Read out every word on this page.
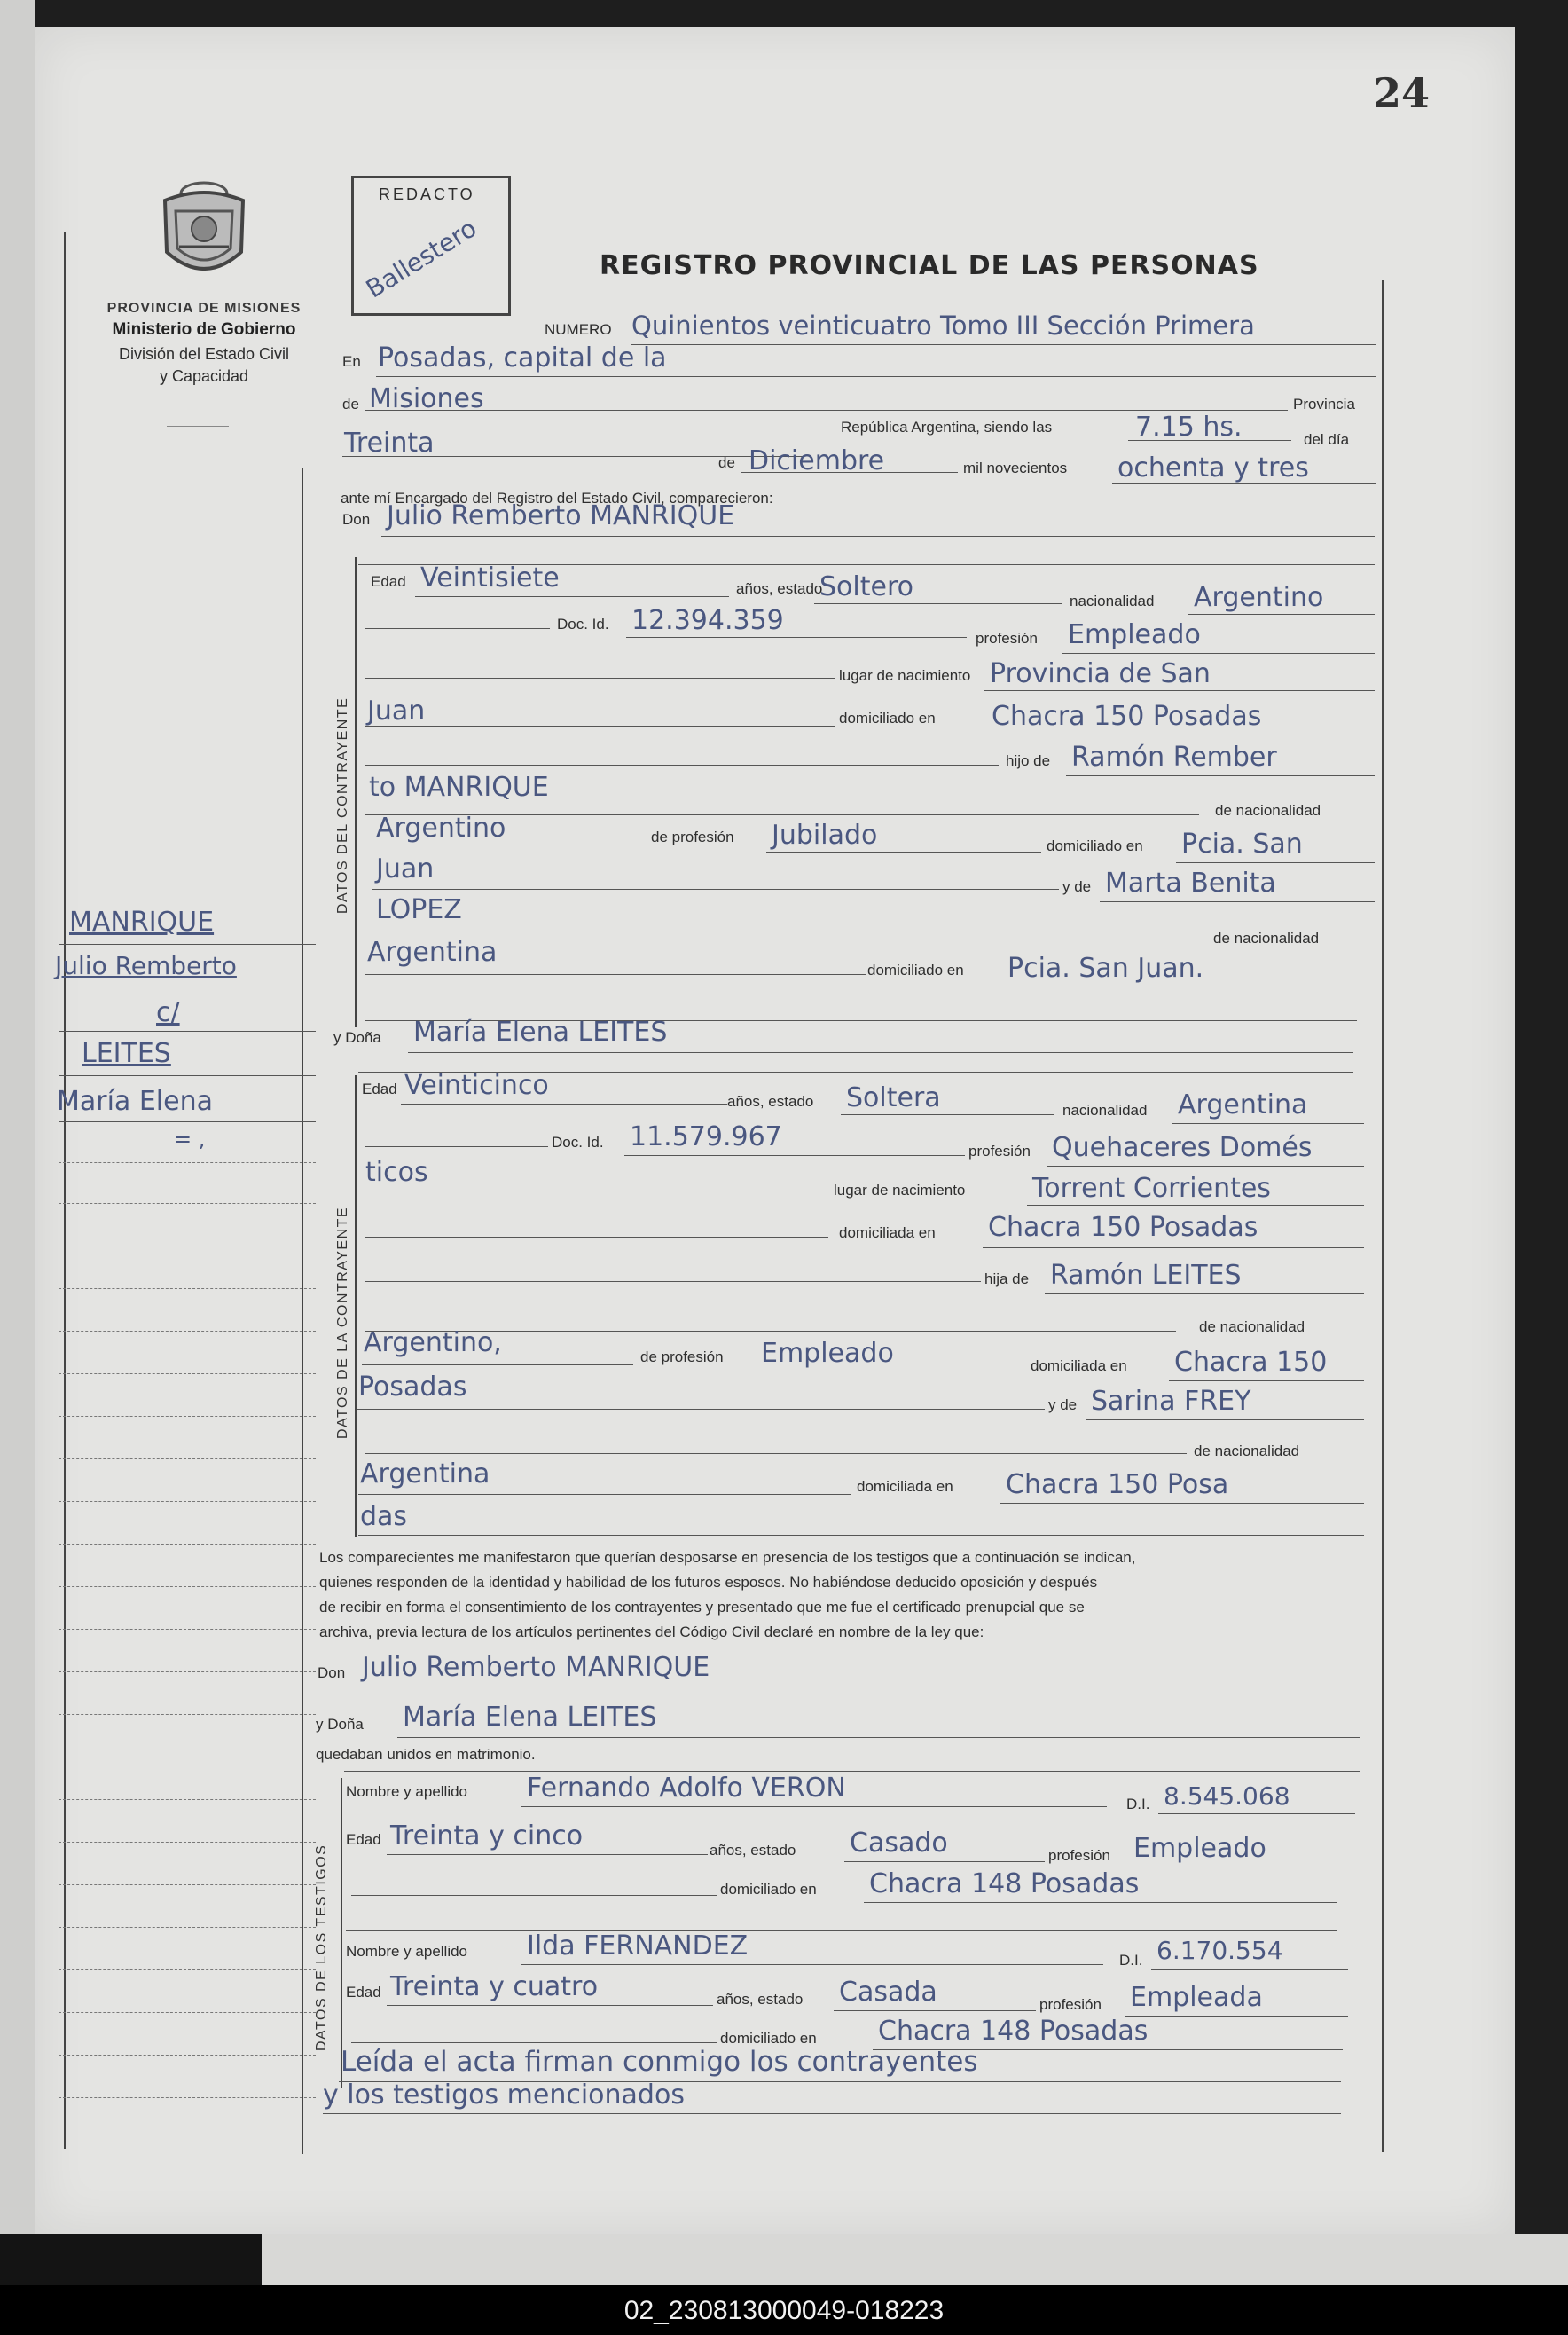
02_230813000049-018223
24
PROVINCIA DE MISIONES
Ministerio de Gobierno
División del Estado Civil
y Capacidad
REDACTO
Ballestero	REGISTRO PROVINCIAL DE LAS PERSONAS
DATOS DEL CONTRAYENTE
DATOS DE LA CONTRAYENTE
DATOS DE LOS TESTIGOS
MANRIQUE
Julio Remberto
c/
LEITES
María Elena
= ,
NUMERO Quinientos veinticuatro Tomo III Sección Primera
En Posadas, capital de la
de Misiones	Provincia
Treinta
República Argentina, siendo las	7.15 hs.	del día
de Diciembre	mil novecientos ochenta y tres
ante mí Encargado del Registro del Estado Civil, comparecieron:
Don Julio Remberto MANRIQUE
Edad Veintisiete	años, estado
Soltero	nacionalidad Argentino
Doc. Id. 12.394.359
profesión Empleado
lugar de nacimiento Provincia de San
Juan	domiciliado en Chacra 150 Posadas
hijo de Ramón Rember
to MANRIQUE
de nacionalidad
Argentino	de profesión Jubilado	domiciliado en Pcia. San
Juan
y de Marta Benita
LOPEZ
de nacionalidad
Argentina
domiciliado en Pcia. San Juan.
y Doña María Elena LEITES
Edad Veinticinco
años, estado Soltera	nacionalidad Argentina
Doc. Id. 11.579.967	profesión Quehaceres Domés
ticos
lugar de nacimiento	Torrent Corrientes
domiciliada en Chacra 150 Posadas
hija de Ramón LEITES
de nacionalidad
Argentino,	de profesión Empleado	domiciliada en Chacra 150
Posadas
y de Sarina FREY
de nacionalidad
Argentina	domiciliada en Chacra 150 Posa
das
Los comparecientes me manifestaron que querían desposarse en presencia de los testigos que a continuación se indican,
quienes responden de la identidad y habilidad de los futuros esposos. No habiéndose deducido oposición y después
de recibir en forma el consentimiento de los contrayentes y presentado que me fue el certificado prenupcial que se
archiva, previa lectura de los artículos pertinentes del Código Civil declaré en nombre de la ley que:
Don Julio Remberto MANRIQUE
y Doña María Elena LEITES
quedaban unidos en matrimonio.
Nombre y apellido Fernando Adolfo VERON
D.I. 8.545.068
Edad Treinta y cinco	años, estado Casado	profesión Empleado
domiciliado en Chacra 148 Posadas
Nombre y apellido Ilda FERNANDEZ	D.I. 6.170.554
Edad Treinta y cuatro	años, estado Casada	profesión Empleada
domiciliado en Chacra 148 Posadas
Leída el acta firman conmigo los contrayentes
y los testigos mencionados
